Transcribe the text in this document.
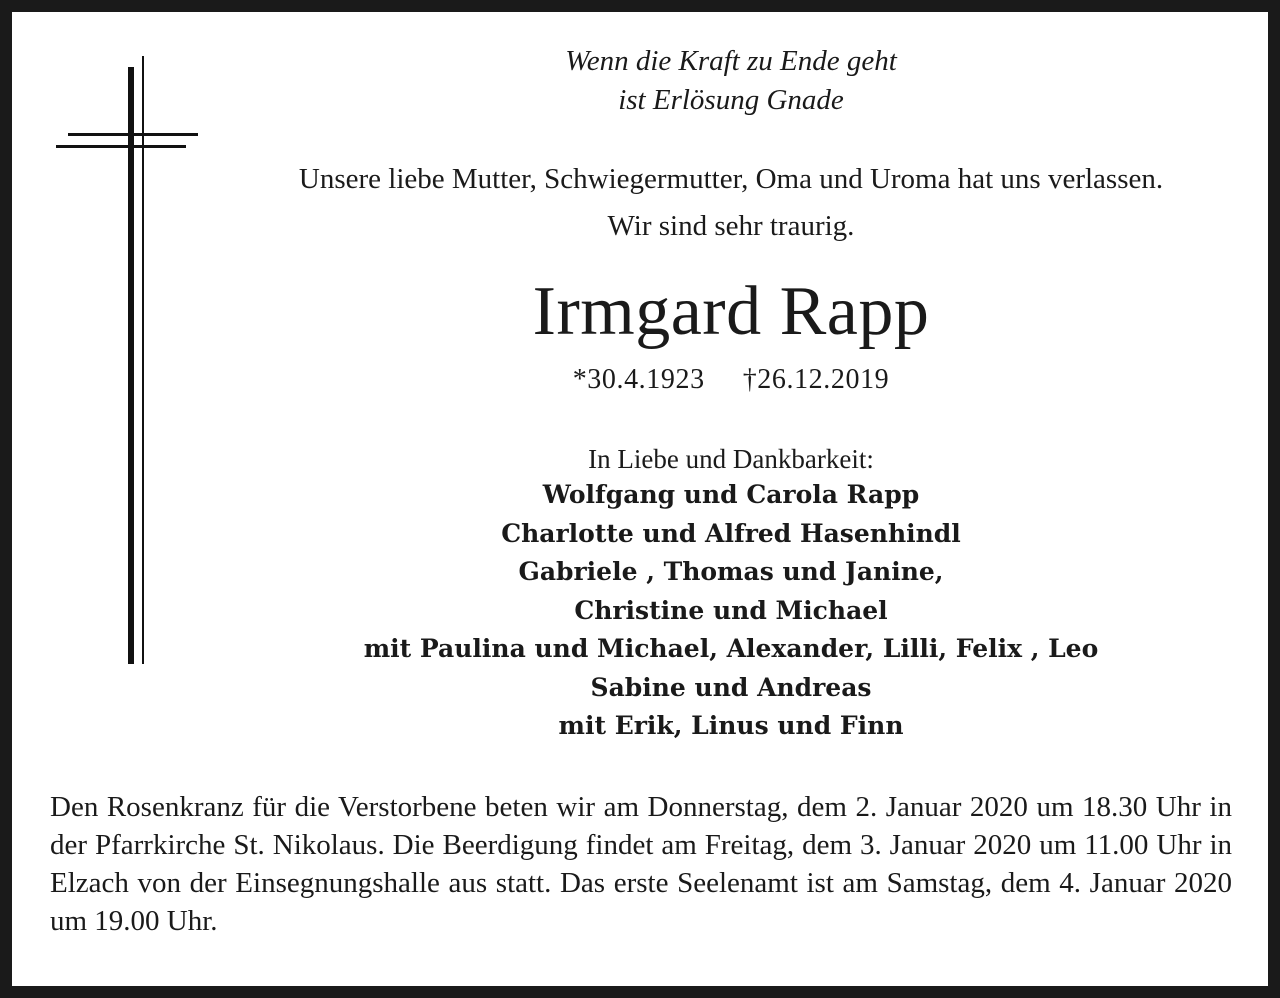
Wenn die Kraft zu Ende geht
ist Erlösung Gnade
Unsere liebe Mutter, Schwiegermutter, Oma und Uroma hat uns verlassen.
Wir sind sehr traurig.
Irmgard Rapp
*30.4.1923 †26.12.2019
In Liebe und Dankbarkeit:
Wolfgang und Carola Rapp
Charlotte und Alfred Hasenhindl
Gabriele , Thomas und Janine,
Christine und Michael
mit Paulina und Michael, Alexander, Lilli, Felix , Leo
Sabine und Andreas
mit Erik, Linus und Finn
Den Rosenkranz für die Verstorbene beten wir am Donnerstag, dem 2. Januar 2020 um 18.30 Uhr in der Pfarrkirche St. Nikolaus. Die Beerdigung findet am Freitag, dem 3. Januar 2020 um 11.00 Uhr in Elzach von der Einsegnungshalle aus statt. Das erste Seelenamt ist am Samstag, dem 4. Januar 2020 um 19.00 Uhr.
